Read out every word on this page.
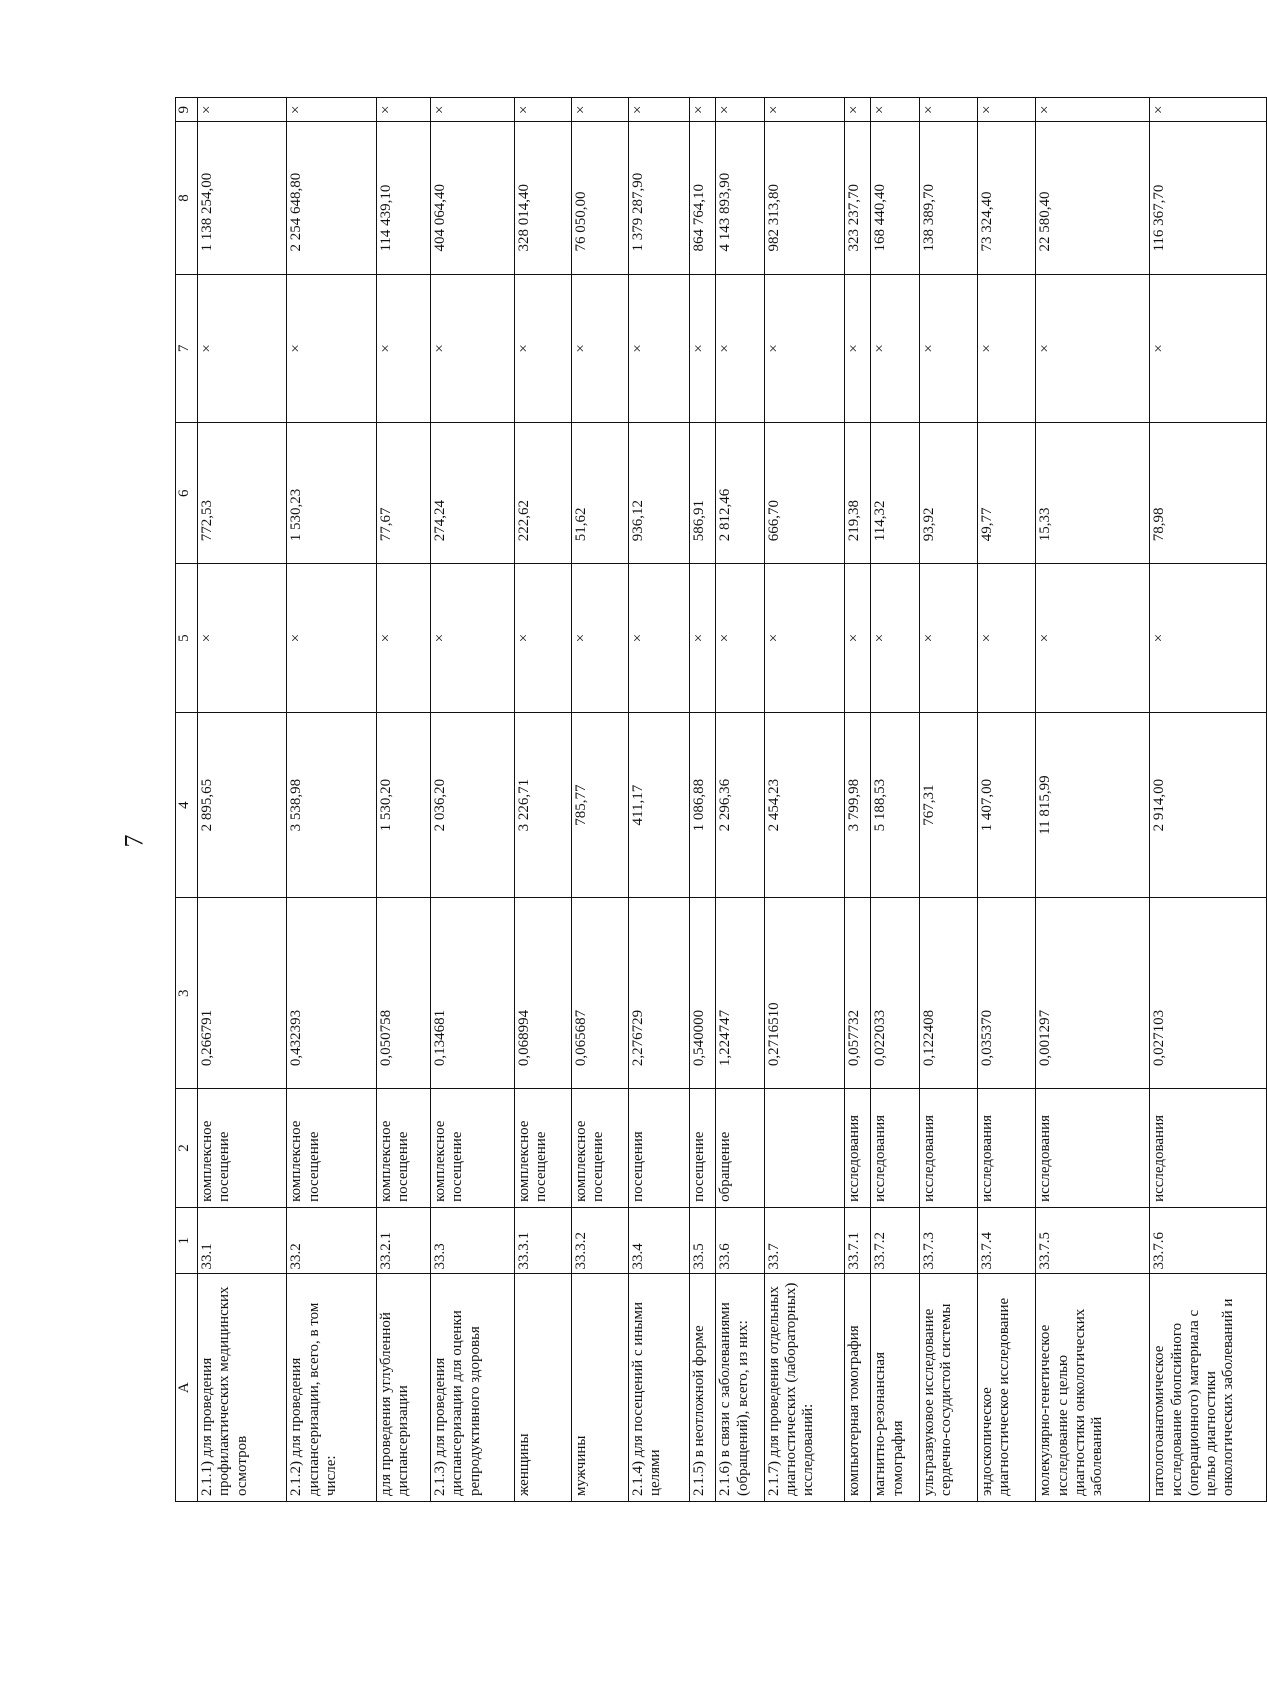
7
A	1	2	3	4	5	6	7	8	9
2.1.1) для проведения профилактических медицинских осмотров	33.1	комплексное посещение	0,266791	2 895,65	×	772,53	×	1 138 254,00	×
2.1.2) для проведения диспансеризации, всего, в том числе:	33.2	комплексное посещение	0,432393	3 538,98	×	1 530,23	×	2 254 648,80	×
для проведения углубленной диспансеризации	33.2.1	комплексное посещение	0,050758	1 530,20	×	77,67	×	114 439,10	×
2.1.3) для проведения диспансеризации для оценки репродуктивного здоровья	33.3	комплексное посещение	0,134681	2 036,20	×	274,24	×	404 064,40	×
женщины	33.3.1	комплексное посещение	0,068994	3 226,71	×	222,62	×	328 014,40	×
мужчины	33.3.2	комплексное посещение	0,065687	785,77	×	51,62	×	76 050,00	×
2.1.4) для посещений с иными целями	33.4	посещения	2,276729	411,17	×	936,12	×	1 379 287,90	×
2.1.5) в неотложной форме	33.5	посещение	0,540000	1 086,88	×	586,91	×	864 764,10	×
2.1.6) в связи с заболеваниями (обращений), всего, из них:	33.6	обращение	1,224747	2 296,36	×	2 812,46	×	4 143 893,90	×
2.1.7) для проведения отдельных диагностических (лабораторных) исследований:	33.7		0,2716510	2 454,23	×	666,70	×	982 313,80	×
компьютерная томография	33.7.1	исследования	0,057732	3 799,98	×	219,38	×	323 237,70	×
магнитно-резонансная томография	33.7.2	исследования	0,022033	5 188,53	×	114,32	×	168 440,40	×
ультразвуковое исследование сердечно-сосудистой системы	33.7.3	исследования	0,122408	767,31	×	93,92	×	138 389,70	×
эндоскопическое диагностическое исследование	33.7.4	исследования	0,035370	1 407,00	×	49,77	×	73 324,40	×
молекулярно-генетическое исследование с целью диагностики онкологических заболеваний	33.7.5	исследования	0,001297	11 815,99	×	15,33	×	22 580,40	×
патологоанатомическое исследование биопсийного (операционного) материала с целью диагностики онкологических заболеваний и	33.7.6	исследования	0,027103	2 914,00	×	78,98	×	116 367,70	×
